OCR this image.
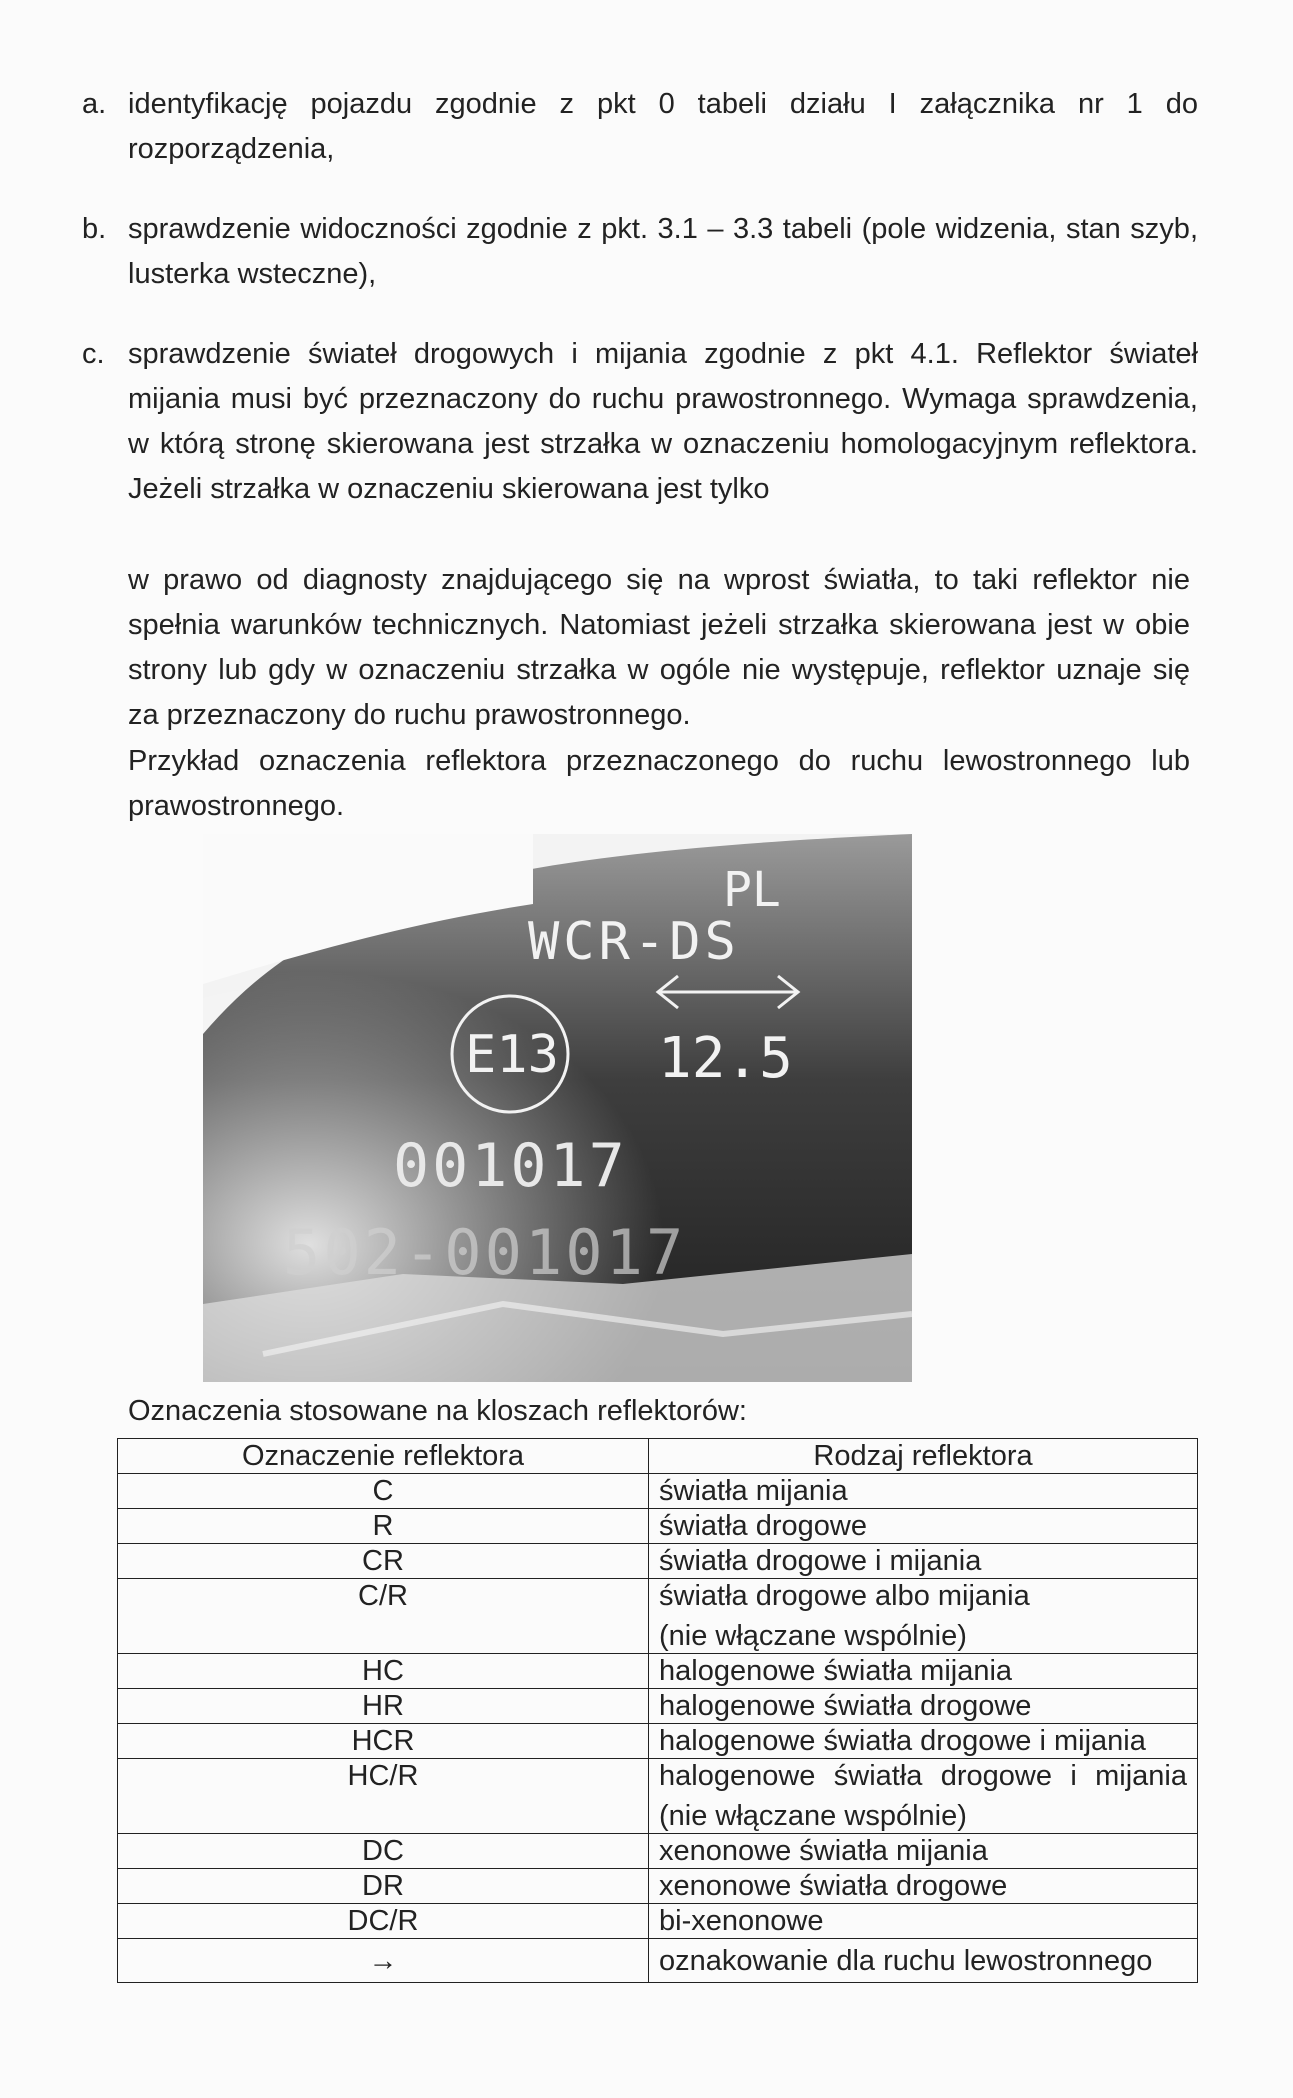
a. identyfikację pojazdu zgodnie z pkt 0 tabeli działu I załącznika nr 1 do rozporządzenia,
b. sprawdzenie widoczności zgodnie z pkt. 3.1 – 3.3 tabeli (pole widzenia, stan szyb, lusterka wsteczne),
c. sprawdzenie świateł drogowych i mijania zgodnie z pkt 4.1. Reflektor świateł mijania musi być przeznaczony do ruchu prawostronnego. Wymaga sprawdzenia, w którą stronę skierowana jest strzałka w oznaczeniu homologacyjnym reflektora. Jeżeli strzałka w oznaczeniu skierowana jest tylko
w prawo od diagnosty znajdującego się na wprost światła, to taki reflektor nie spełnia warunków technicznych. Natomiast jeżeli strzałka skierowana jest w obie strony lub gdy w oznaczeniu strzałka w ogóle nie występuje, reflektor uznaje się za przeznaczony do ruchu prawostronnego.
Przykład oznaczenia reflektora przeznaczonego do ruchu lewostronnego lub prawostronnego.
PL
WCR-DS
E13 12.5
001017
502-001017
Oznaczenia stosowane na kloszach reflektorów:
Oznaczenie reflektora	Rodzaj reflektora
C	światła mijania
R	światła drogowe
CR	światła drogowe i mijania
C/R	światła drogowe albo mijania
(nie włączane wspólnie)

HC	halogenowe światła mijania
HR	halogenowe światła drogowe
HCR	halogenowe światła drogowe i mijania
HC/R	halogenowe światła drogowe i mijania
(nie włączane wspólnie)

DC	xenonowe światła mijania
DR	xenonowe światła drogowe
DC/R	bi-xenonowe
→	oznakowanie dla ruchu lewostronnego
